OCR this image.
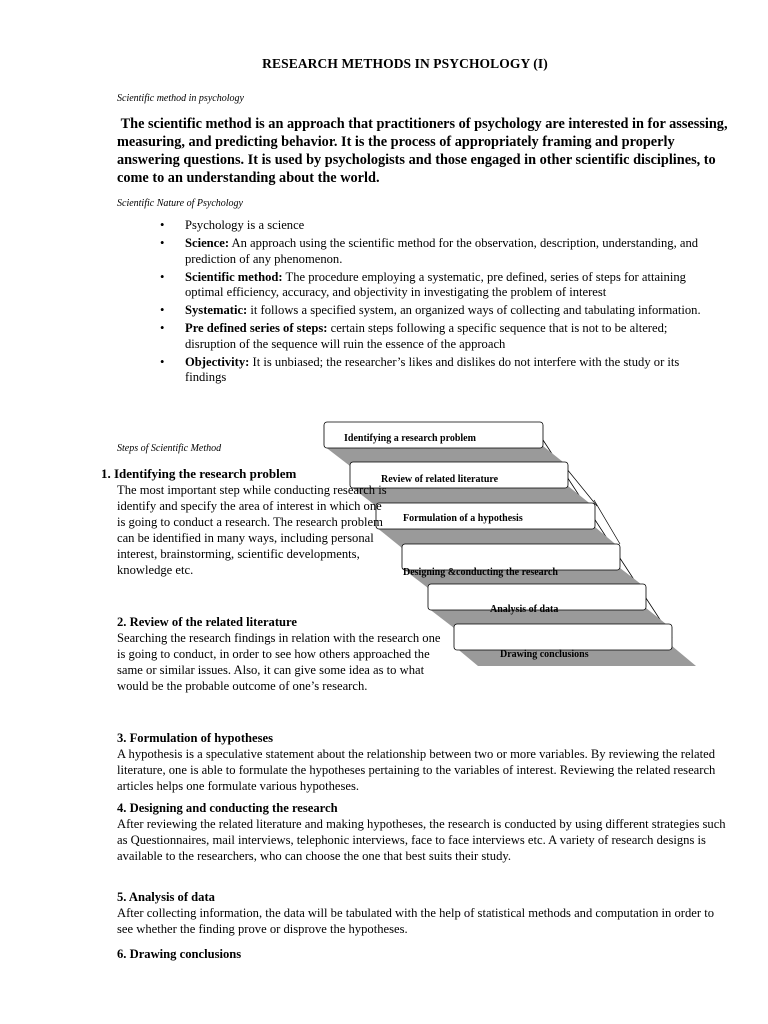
RESEARCH METHODS IN PSYCHOLOGY (I)
Scientific method in psychology
The scientific method is an approach that practitioners of psychology are interested in for assessing, measuring, and predicting behavior. It is the process of appropriately framing and properly answering questions. It is used by psychologists and those engaged in other scientific disciplines, to come to an understanding about the world.
Scientific Nature of Psychology
• Psychology is a science
• Science: An approach using the scientific method for the observation, description, understanding, and prediction of any phenomenon.
• Scientific method: The procedure employing a systematic, pre defined, series of steps for attaining optimal efficiency, accuracy, and objectivity in investigating the problem of interest
• Systematic: it follows a specified system, an organized ways of collecting and tabulating information.
• Pre defined series of steps: certain steps following a specific sequence that is not to be altered; disruption of the sequence will ruin the essence of the approach
• Objectivity: It is unbiased; the researcher’s likes and dislikes do not interfere with the study or its findings
Steps of Scientific Method
Identifying a research problem
Review of related literature
Formulation of a hypothesis
Designing &conducting the research
Analysis of data
Drawing conclusions
1. Identifying the research problem
The most important step while conducting research is identify and specify the area of interest in which one is going to conduct a research. The research problem can be identified in many ways, including personal interest, brainstorming, scientific developments, knowledge etc.
2. Review of the related literature
Searching the research findings in relation with the research one is going to conduct, in order to see how others approached the same or similar issues. Also, it can give some idea as to what would be the probable outcome of one’s research.
3. Formulation of hypotheses
A hypothesis is a speculative statement about the relationship between two or more variables. By reviewing the related literature, one is able to formulate the hypotheses pertaining to the variables of interest. Reviewing the related research articles helps one formulate various hypotheses.
4. Designing and conducting the research
After reviewing the related literature and making hypotheses, the research is conducted by using different strategies such as Questionnaires, mail interviews, telephonic interviews, face to face interviews etc. A variety of research designs is available to the researchers, who can choose the one that best suits their study.
5. Analysis of data
After collecting information, the data will be tabulated with the help of statistical methods and computation in order to see whether the finding prove or disprove the hypotheses.
6. Drawing conclusions
